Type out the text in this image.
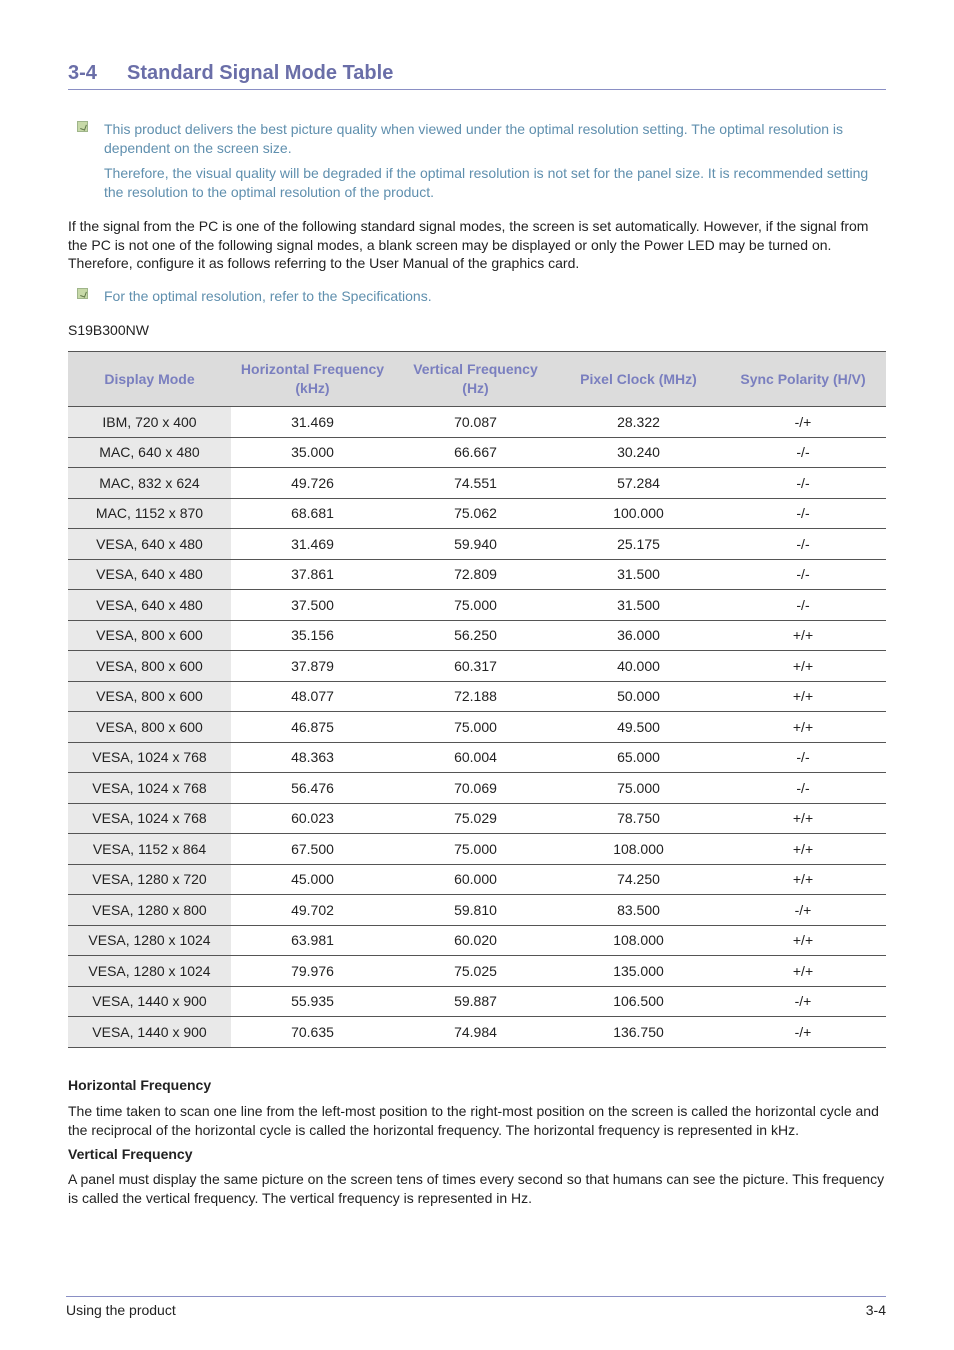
3-4 Standard Signal Mode Table

This product delivers the best picture quality when viewed under the optimal resolution setting. The optimal resolution is dependent on the screen size.

Therefore, the visual quality will be degraded if the optimal resolution is not set for the panel size. It is recommended setting the resolution to the optimal resolution of the product.

If the signal from the PC is one of the following standard signal modes, the screen is set automatically. However, if the signal from the PC is not one of the following signal modes, a blank screen may be displayed or only the Power LED may be turned on. Therefore, configure it as follows referring to the User Manual of the graphics card.

For the optimal resolution, refer to the Specifications.

S19B300NW
Display Mode	Horizontal Frequency (kHz)	Vertical Frequency (Hz)	Pixel Clock (MHz)	Sync Polarity (H/V)
IBM, 720 x 400	31.469	70.087	28.322	-/+
MAC, 640 x 480	35.000	66.667	30.240	-/-
MAC, 832 x 624	49.726	74.551	57.284	-/-
MAC, 1152 x 870	68.681	75.062	100.000	-/-
VESA, 640 x 480	31.469	59.940	25.175	-/-
VESA, 640 x 480	37.861	72.809	31.500	-/-
VESA, 640 x 480	37.500	75.000	31.500	-/-
VESA, 800 x 600	35.156	56.250	36.000	+/+
VESA, 800 x 600	37.879	60.317	40.000	+/+
VESA, 800 x 600	48.077	72.188	50.000	+/+
VESA, 800 x 600	46.875	75.000	49.500	+/+
VESA, 1024 x 768	48.363	60.004	65.000	-/-
VESA, 1024 x 768	56.476	70.069	75.000	-/-
VESA, 1024 x 768	60.023	75.029	78.750	+/+
VESA, 1152 x 864	67.500	75.000	108.000	+/+
VESA, 1280 x 720	45.000	60.000	74.250	+/+
VESA, 1280 x 800	49.702	59.810	83.500	-/+
VESA, 1280 x 1024	63.981	60.020	108.000	+/+
VESA, 1280 x 1024	79.976	75.025	135.000	+/+
VESA, 1440 x 900	55.935	59.887	106.500	-/+
VESA, 1440 x 900	70.635	74.984	136.750	-/+
Horizontal Frequency

The time taken to scan one line from the left-most position to the right-most position on the screen is called the horizontal cycle and the reciprocal of the horizontal cycle is called the horizontal frequency. The horizontal frequency is represented in kHz.

Vertical Frequency

A panel must display the same picture on the screen tens of times every second so that humans can see the picture. This frequency is called the vertical frequency. The vertical frequency is represented in Hz.

Using the product	3-4
